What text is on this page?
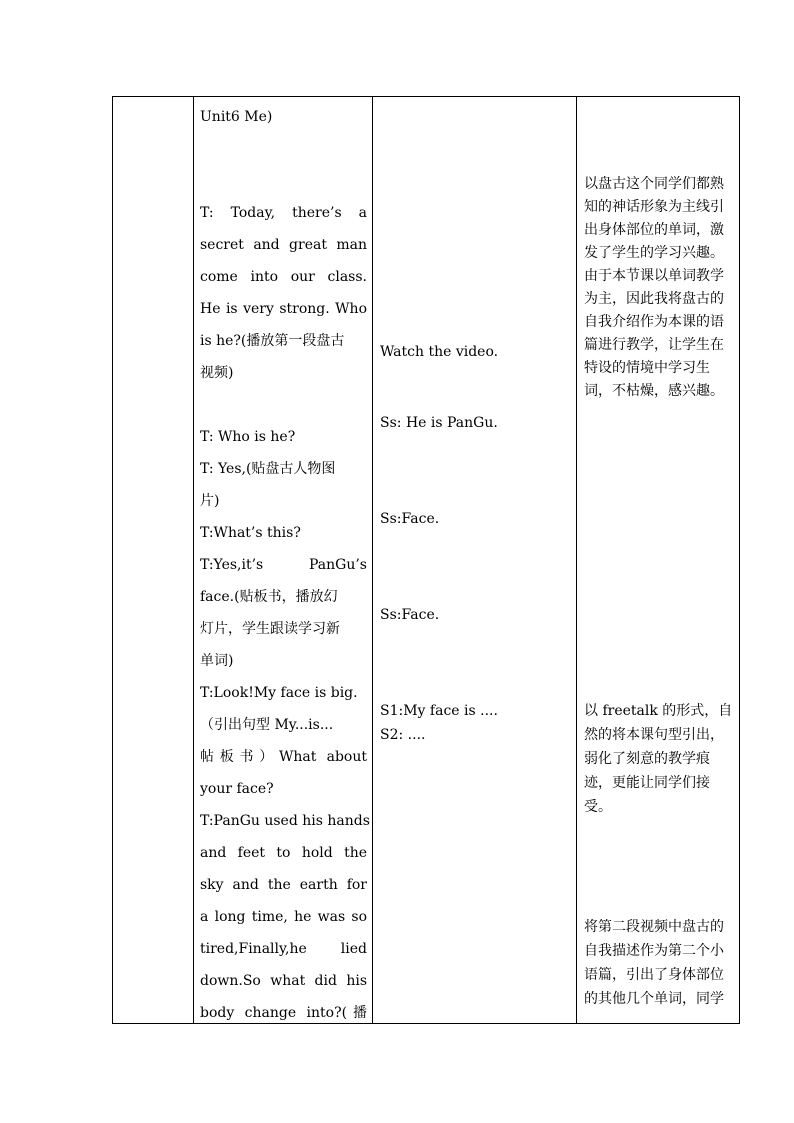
Unit6 Me)
T: Today, there’s a
secret and great man
come into our class.
He is very strong. Who
is he?(播放第一段盘古
视频)
T: Who is he?
T: Yes,(贴盘古人物图
片)
T:What’s this?
T:Yes,it’s PanGu’s
face.(贴板书，播放幻
灯片，学生跟读学习新
单词)
T:Look!My face is big.
（引出句型 My...is...
帖板书）What about
your face?
T:PanGu used his hands
and feet to hold the
sky and the earth for
a long time, he was so
tired,Finally,he lied
down.So what did his
body change into?(播
Watch the video.
Ss: He is PanGu.
Ss:Face.
Ss:Face.
S1:My face is ....
S2: ....
以盘古这个同学们都熟
知的神话形象为主线引
出身体部位的单词，激
发了学生的学习兴趣。
由于本节课以单词教学
为主，因此我将盘古的
自我介绍作为本课的语
篇进行教学，让学生在
特设的情境中学习生
词，不枯燥，感兴趣。
以 freetalk 的形式，自
然的将本课句型引出，
弱化了刻意的教学痕
迹，更能让同学们接
受。
将第二段视频中盘古的
自我描述作为第二个小
语篇，引出了身体部位
的其他几个单词，同学
